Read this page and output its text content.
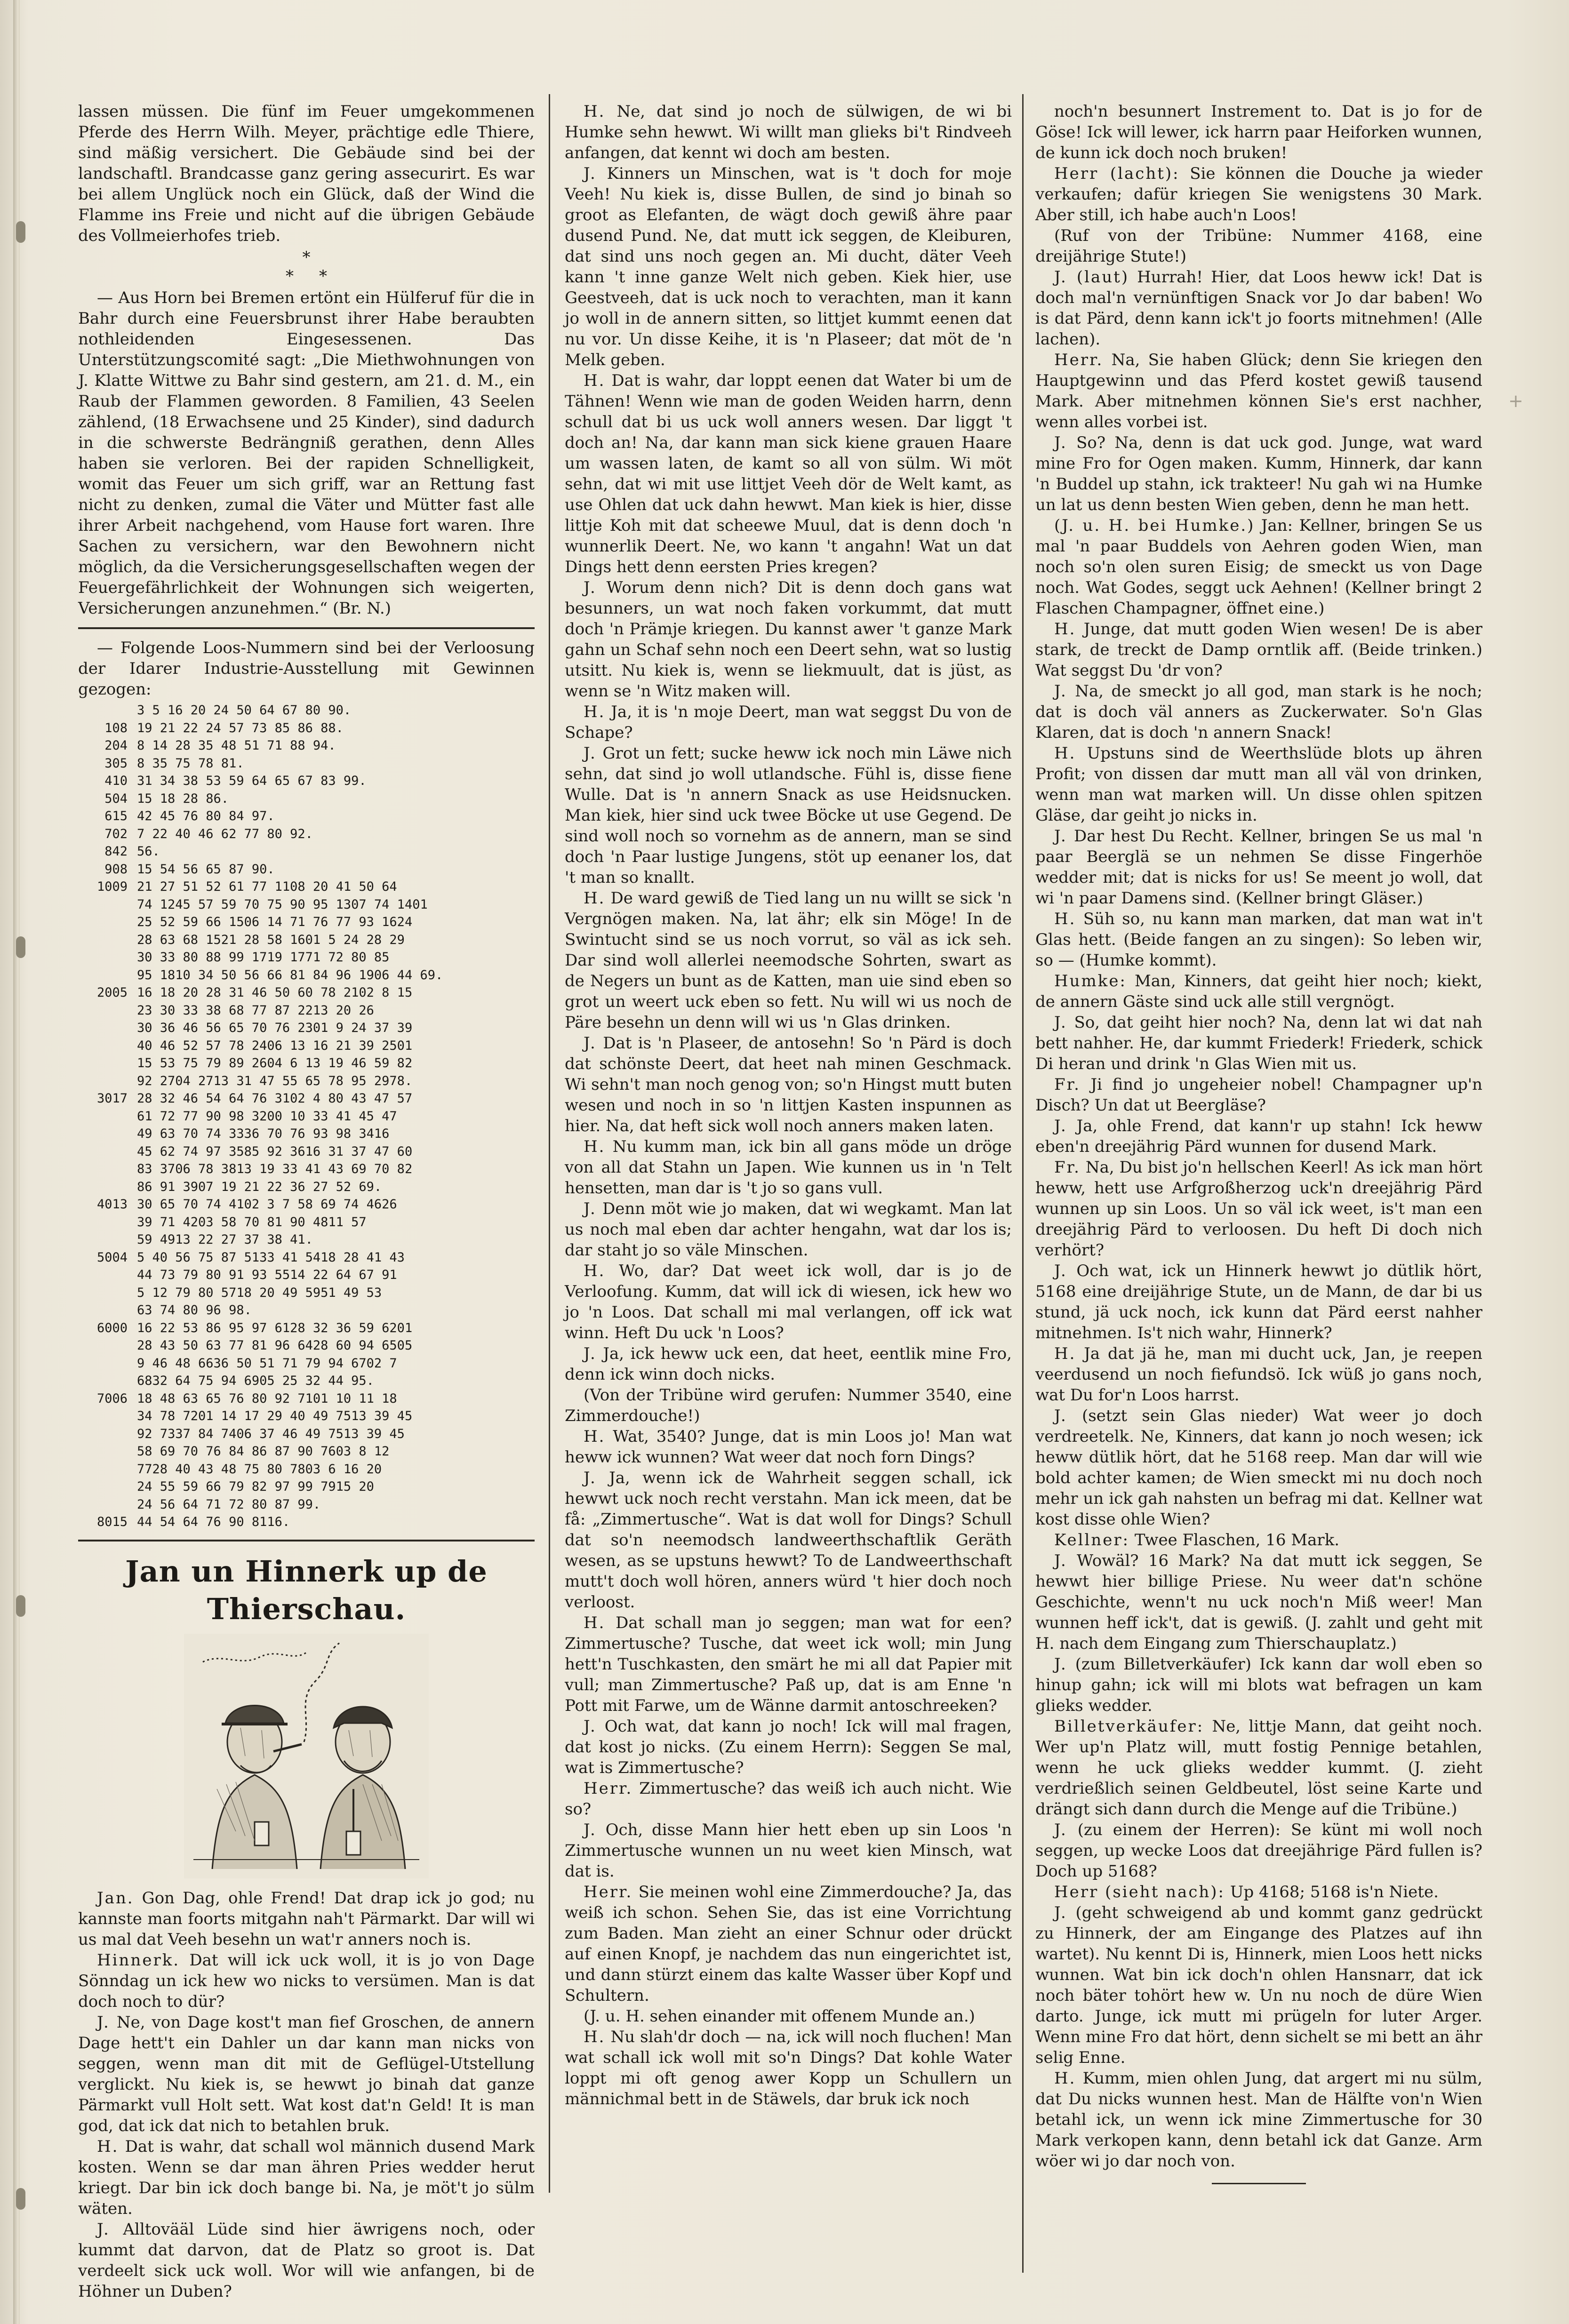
lassen müssen. Die fünf im Feuer umgekommenen Pferde des Herrn Wilh. Meyer, prächtige edle Thiere, sind mäßig versichert. Die Gebäude sind bei der landschaftl. Brandcasse ganz gering assecurirt. Es war bei allem Unglück noch ein Glück, daß der Wind die Flamme ins Freie und nicht auf die übrigen Gebäude des Vollmeierhofes trieb.

*
*     *

— Aus Horn bei Bremen ertönt ein Hülferuf für die in Bahr durch eine Feuersbrunst ihrer Habe beraubten nothleidenden Eingesessenen. Das Unterstützungscomité sagt: „Die Miethwohnungen von J. Klatte Wittwe zu Bahr sind gestern, am 21. d. M., ein Raub der Flammen geworden. 8 Familien, 43 Seelen zählend, (18 Erwachsene und 25 Kinder), sind dadurch in die schwerste Bedrängniß gerathen, denn Alles haben sie verloren. Bei der rapiden Schnelligkeit, womit das Feuer um sich griff, war an Rettung fast nicht zu denken, zumal die Väter und Mütter fast alle ihrer Arbeit nachgehend, vom Hause fort waren. Ihre Sachen zu versichern, war den Bewohnern nicht möglich, da die Versicherungsgesellschaften wegen der Feuergefährlichkeit der Wohnungen sich weigerten, Versicherungen anzunehmen.“ (Br. N.)

— Folgende Loos-Nummern sind bei der Verloosung der Idarer Industrie-Ausstellung mit Gewinnen gezogen:

3 5 16 20 24 50 64 67 80 90.
108 19 21 22 24 57 73 85 86 88.
204 8 14 28 35 48 51 71 88 94.
305 8 35 75 78 81.
410 31 34 38 53 59 64 65 67 83 99.
504 15 18 28 86.
615 42 45 76 80 84 97.
702 7 22 40 46 62 77 80 92.
842 56.
908 15 54 56 65 87 90.
1009 21 27 51 52 61 77 1108 20 41 50 64
74 1245 57 59 70 75 90 95 1307 74 1401
25 52 59 66 1506 14 71 76 77 93 1624
28 63 68 1521 28 58 1601 5 24 28 29
30 33 80 88 99 1719 1771 72 80 85
95 1810 34 50 56 66 81 84 96 1906 44 69.
2005 16 18 20 28 31 46 50 60 78 2102 8 15
23 30 33 38 68 77 87 2213 20 26
30 36 46 56 65 70 76 2301 9 24 37 39
40 46 52 57 78 2406 13 16 21 39 2501
15 53 75 79 89 2604 6 13 19 46 59 82
92 2704 2713 31 47 55 65 78 95 2978.
3017 28 32 46 54 64 76 3102 4 80 43 47 57
61 72 77 90 98 3200 10 33 41 45 47
49 63 70 74 3336 70 76 93 98 3416
45 62 74 97 3585 92 3616 31 37 47 60
83 3706 78 3813 19 33 41 43 69 70 82
86 91 3907 19 21 22 36 27 52 69.
4013 30 65 70 74 4102 3 7 58 69 74 4626
39 71 4203 58 70 81 90 4811 57
59 4913 22 27 37 38 41.
5004 5 40 56 75 87 5133 41 5418 28 41 43
44 73 79 80 91 93 5514 22 64 67 91
5 12 79 80 5718 20 49 5951 49 53
63 74 80 96 98.
6000 16 22 53 86 95 97 6128 32 36 59 6201
28 43 50 63 77 81 96 6428 60 94 6505
9 46 48 6636 50 51 71 79 94 6702 7
6832 64 75 94 6905 25 32 44 95.
7006 18 48 63 65 76 80 92 7101 10 11 18
34 78 7201 14 17 29 40 49 7513 39 45
92 7337 84 7406 37 46 49 7513 39 45
58 69 70 76 84 86 87 90 7603 8 12
7728 40 43 48 75 80 7803 6 16 20
24 55 59 66 79 82 97 99 7915 20
24 56 64 71 72 80 87 99.
8015 44 54 64 76 90 8116.
Jan un Hinnerk up de Thierschau.

Jan. Gon Dag, ohle Frend! Dat drap ick jo god; nu kannste man foorts mitgahn nah't Pärmarkt. Dar will wi us mal dat Veeh besehn un wat'r anners noch is.

Hinnerk. Dat will ick uck woll, it is jo von Dage Sönndag un ick hew wo nicks to versümen. Man is dat doch noch to dür?

J. Ne, von Dage kost't man fief Groschen, de annern Dage hett't ein Dahler un dar kann man nicks von seggen, wenn man dit mit de Geflügel-Utstellung verglickt. Nu kiek is, se hewwt jo binah dat ganze Pärmarkt vull Holt sett. Wat kost dat'n Geld! It is man god, dat ick dat nich to betahlen bruk.

H. Dat is wahr, dat schall wol männich dusend Mark kosten. Wenn se dar man ähren Pries wedder herut kriegt. Dar bin ick doch bange bi. Na, je möt't jo sülm wäten.

J. Alltovääl Lüde sind hier äwrigens noch, oder kummt dat darvon, dat de Platz so groot is. Dat verdeelt sick uck woll. Wor will wie anfangen, bi de Höhner un Duben?

H. Ne, dat sind jo noch de sülwigen, de wi bi Humke sehn hewwt. Wi willt man glieks bi't Rindveeh anfangen, dat kennt wi doch am besten.

J. Kinners un Minschen, wat is 't doch for moje Veeh! Nu kiek is, disse Bullen, de sind jo binah so groot as Elefanten, de wägt doch gewiß ähre paar dusend Pund. Ne, dat mutt ick seggen, de Kleiburen, dat sind uns noch gegen an. Mi ducht, däter Veeh kann 't inne ganze Welt nich geben. Kiek hier, use Geestveeh, dat is uck noch to verachten, man it kann jo woll in de annern sitten, so littjet kummt eenen dat nu vor. Un disse Keihe, it is 'n Plaseer; dat möt de 'n Melk geben.

H. Dat is wahr, dar loppt eenen dat Water bi um de Tähnen! Wenn wie man de goden Weiden harrn, denn schull dat bi us uck woll anners wesen. Dar liggt 't doch an! Na, dar kann man sick kiene grauen Haare um wassen laten, de kamt so all von sülm. Wi möt sehn, dat wi mit use littjet Veeh dör de Welt kamt, as use Ohlen dat uck dahn hewwt. Man kiek is hier, disse littje Koh mit dat scheewe Muul, dat is denn doch 'n wunnerlik Deert. Ne, wo kann 't angahn! Wat un dat Dings hett denn eersten Pries kregen?

J. Worum denn nich? Dit is denn doch gans wat besunners, un wat noch faken vorkummt, dat mutt doch 'n Prämje kriegen. Du kannst awer 't ganze Mark gahn un Schaf sehn noch een Deert sehn, wat so lustig utsitt. Nu kiek is, wenn se liekmuult, dat is jüst, as wenn se 'n Witz maken will.

H. Ja, it is 'n moje Deert, man wat seggst Du von de Schape?

J. Grot un fett; sucke heww ick noch min Läwe nich sehn, dat sind jo woll utlandsche. Fühl is, disse fiene Wulle. Dat is 'n annern Snack as use Heidsnucken. Man kiek, hier sind uck twee Böcke ut use Gegend. De sind woll noch so vornehm as de annern, man se sind doch 'n Paar lustige Jungens, stöt up eenaner los, dat 't man so knallt.

H. De ward gewiß de Tied lang un nu willt se sick 'n Vergnögen maken. Na, lat ähr; elk sin Möge! In de Swintucht sind se us noch vorrut, so väl as ick seh. Dar sind woll allerlei neemodsche Sohrten, swart as de Negers un bunt as de Katten, man uie sind eben so grot un weert uck eben so fett. Nu will wi us noch de Päre besehn un denn will wi us 'n Glas drinken.

J. Dat is 'n Plaseer, de antosehn! So 'n Pärd is doch dat schönste Deert, dat heet nah minen Geschmack. Wi sehn't man noch genog von; so'n Hingst mutt buten wesen und noch in so 'n littjen Kasten inspunnen as hier. Na, dat heft sick woll noch anners maken laten.

H. Nu kumm man, ick bin all gans möde un dröge von all dat Stahn un Japen. Wie kunnen us in 'n Telt hensetten, man dar is 't jo so gans vull.

J. Denn möt wie jo maken, dat wi wegkamt. Man lat us noch mal eben dar achter hengahn, wat dar los is; dar staht jo so väle Minschen.

H. Wo, dar? Dat weet ick woll, dar is jo de Verloofung. Kumm, dat will ick di wiesen, ick hew wo jo 'n Loos. Dat schall mi mal verlangen, off ick wat winn. Heft Du uck 'n Loos?

J. Ja, ick heww uck een, dat heet, eentlik mine Fro, denn ick winn doch nicks.

(Von der Tribüne wird gerufen: Nummer 3540, eine Zimmerdouche!)

H. Wat, 3540? Junge, dat is min Loos jo! Man wat heww ick wunnen? Wat weer dat noch forn Dings?

J. Ja, wenn ick de Wahrheit seggen schall, ick hewwt uck noch recht verstahn. Man ick meen, dat be få: „Zimmertusche“. Wat is dat woll for Dings? Schull dat so'n neemodsch landweerthschaftlik Geräth wesen, as se upstuns hewwt? To de Landweerthschaft mutt't doch woll hören, anners würd 't hier doch noch verloost.

H. Dat schall man jo seggen; man wat for een? Zimmertusche? Tusche, dat weet ick woll; min Jung hett'n Tuschkasten, den smärt he mi all dat Papier mit vull; man Zimmertusche? Paß up, dat is am Enne 'n Pott mit Farwe, um de Wänne darmit antoschreeken?

J. Och wat, dat kann jo noch! Ick will mal fragen, dat kost jo nicks. (Zu einem Herrn): Seggen Se mal, wat is Zimmertusche?

Herr. Zimmertusche? das weiß ich auch nicht. Wie so?

J. Och, disse Mann hier hett eben up sin Loos 'n Zimmertusche wunnen un nu weet kien Minsch, wat dat is.

Herr. Sie meinen wohl eine Zimmerdouche? Ja, das weiß ich schon. Sehen Sie, das ist eine Vorrichtung zum Baden. Man zieht an einer Schnur oder drückt auf einen Knopf, je nachdem das nun eingerichtet ist, und dann stürzt einem das kalte Wasser über Kopf und Schultern.

(J. u. H. sehen einander mit offenem Munde an.)

H. Nu slah'dr doch — na, ick will noch fluchen! Man wat schall ick woll mit so'n Dings? Dat kohle Water loppt mi oft genog awer Kopp un Schullern un männichmal bett in de Stäwels, dar bruk ick noch

noch'n besunnert Instrement to. Dat is jo for de Göse! Ick will lewer, ick harrn paar Heiforken wunnen, de kunn ick doch noch bruken!

Herr (lacht): Sie können die Douche ja wieder verkaufen; dafür kriegen Sie wenigstens 30 Mark. Aber still, ich habe auch'n Loos!

(Ruf von der Tribüne: Nummer 4168, eine dreijährige Stute!)

J. (laut) Hurrah! Hier, dat Loos heww ick! Dat is doch mal'n vernünftigen Snack vor Jo dar baben! Wo is dat Pärd, denn kann ick't jo foorts mitnehmen! (Alle lachen).

Herr. Na, Sie haben Glück; denn Sie kriegen den Hauptgewinn und das Pferd kostet gewiß tausend Mark. Aber mitnehmen können Sie's erst nachher, wenn alles vorbei ist.

J. So? Na, denn is dat uck god. Junge, wat ward mine Fro for Ogen maken. Kumm, Hinnerk, dar kann 'n Buddel up stahn, ick trakteer! Nu gah wi na Humke un lat us denn besten Wien geben, denn he man hett.

(J. u. H. bei Humke.) Jan: Kellner, bringen Se us mal 'n paar Buddels von Aehren goden Wien, man noch so'n olen suren Eisig; de smeckt us von Dage noch. Wat Godes, seggt uck Aehnen! (Kellner bringt 2 Flaschen Champagner, öffnet eine.)

H. Junge, dat mutt goden Wien wesen! De is aber stark, de treckt de Damp orntlik aff. (Beide trinken.) Wat seggst Du 'dr von?

J. Na, de smeckt jo all god, man stark is he noch; dat is doch väl anners as Zuckerwater. So'n Glas Klaren, dat is doch 'n annern Snack!

H. Upstuns sind de Weerthslüde blots up ähren Profit; von dissen dar mutt man all väl von drinken, wenn man wat marken will. Un disse ohlen spitzen Gläse, dar geiht jo nicks in.

J. Dar hest Du Recht. Kellner, bringen Se us mal 'n paar Beerglä se un nehmen Se disse Fingerhöe wedder mit; dat is nicks for us! Se meent jo woll, dat wi 'n paar Damens sind. (Kellner bringt Gläser.)

H. Süh so, nu kann man marken, dat man wat in't Glas hett. (Beide fangen an zu singen): So leben wir, so — (Humke kommt).

Humke: Man, Kinners, dat geiht hier noch; kiekt, de annern Gäste sind uck alle still vergnögt.

J. So, dat geiht hier noch? Na, denn lat wi dat nah bett nahher. He, dar kummt Friederk! Friederk, schick Di heran und drink 'n Glas Wien mit us.

Fr. Ji find jo ungeheier nobel! Champagner up'n Disch? Un dat ut Beergläse?

J. Ja, ohle Frend, dat kann'r up stahn! Ick heww eben'n dreejährig Pärd wunnen for dusend Mark.

Fr. Na, Du bist jo'n hellschen Keerl! As ick man hört heww, hett use Arfgroßherzog uck'n dreejährig Pärd wunnen up sin Loos. Un so väl ick weet, is't man een dreejährig Pärd to verloosen. Du heft Di doch nich verhört?

J. Och wat, ick un Hinnerk hewwt jo dütlik hört, 5168 eine dreijährige Stute, un de Mann, de dar bi us stund, jä uck noch, ick kunn dat Pärd eerst nahher mitnehmen. Is't nich wahr, Hinnerk?

H. Ja dat jä he, man mi ducht uck, Jan, je reepen veerdusend un noch fiefundsö. Ick wüß jo gans noch, wat Du for'n Loos harrst.

J. (setzt sein Glas nieder) Wat weer jo doch verdreetelk. Ne, Kinners, dat kann jo noch wesen; ick heww dütlik hört, dat he 5168 reep. Man dar will wie bold achter kamen; de Wien smeckt mi nu doch noch mehr un ick gah nahsten un befrag mi dat. Kellner wat kost disse ohle Wien?

Kellner: Twee Flaschen, 16 Mark.

J. Wowäl? 16 Mark? Na dat mutt ick seggen, Se hewwt hier billige Priese. Nu weer dat'n schöne Geschichte, wenn't nu uck noch'n Miß weer! Man wunnen heff ick't, dat is gewiß. (J. zahlt und geht mit H. nach dem Eingang zum Thierschauplatz.)

J. (zum Billetverkäufer) Ick kann dar woll eben so hinup gahn; ick will mi blots wat befragen un kam glieks wedder.

Billetverkäufer: Ne, littje Mann, dat geiht noch. Wer up'n Platz will, mutt fostig Pennige betahlen, wenn he uck glieks wedder kummt. (J. zieht verdrießlich seinen Geldbeutel, löst seine Karte und drängt sich dann durch die Menge auf die Tribüne.)

J. (zu einem der Herren): Se künt mi woll noch seggen, up wecke Loos dat dreejährige Pärd fullen is? Doch up 5168?

Herr (sieht nach): Up 4168; 5168 is'n Niete.

J. (geht schweigend ab und kommt ganz gedrückt zu Hinnerk, der am Eingange des Platzes auf ihn wartet). Nu kennt Di is, Hinnerk, mien Loos hett nicks wunnen. Wat bin ick doch'n ohlen Hansnarr, dat ick noch bäter tohört hew w. Un nu noch de düre Wien darto. Junge, ick mutt mi prügeln for luter Arger. Wenn mine Fro dat hört, denn sichelt se mi bett an ähr selig Enne.

H. Kumm, mien ohlen Jung, dat argert mi nu sülm, dat Du nicks wunnen hest. Man de Hälfte von'n Wien betahl ick, un wenn ick mine Zimmertusche for 30 Mark verkopen kann, denn betahl ick dat Ganze. Arm wöer wi jo dar noch von.

+
